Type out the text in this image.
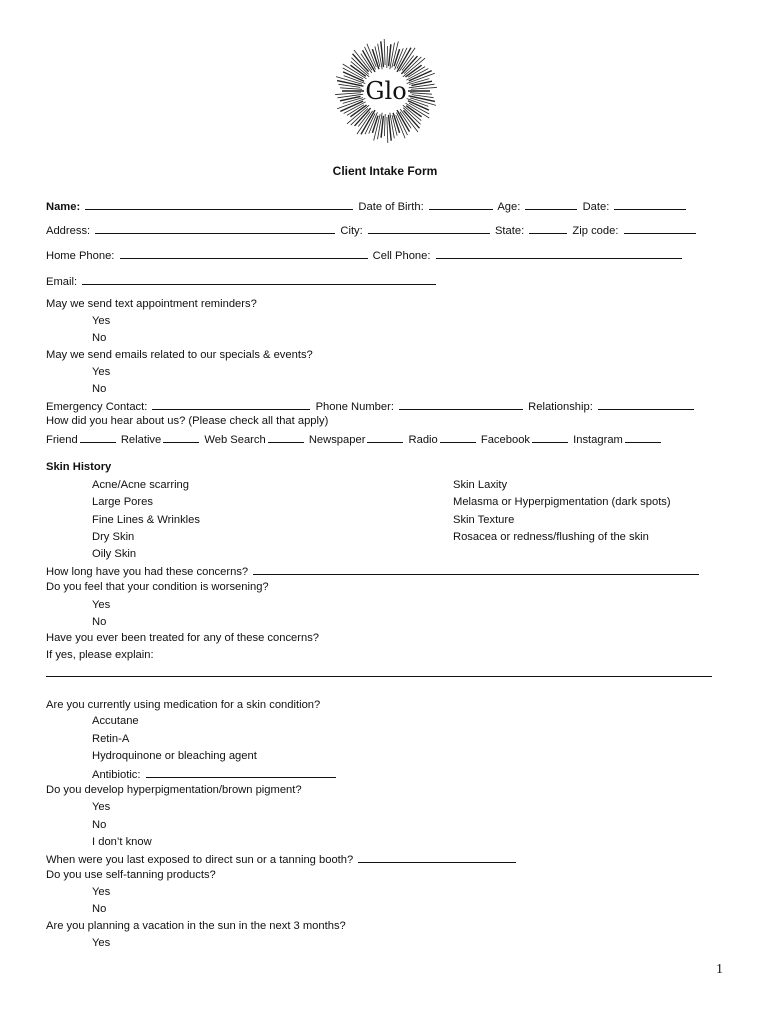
Glo
Client Intake Form
Name:	Date of Birth:	Age:	Date:
Address:	City:	State:	Zip code:
Home Phone:	Cell Phone:
Email:
May we send text appointment reminders?
Yes
No
May we send emails related to our specials & events?
Yes
No
Emergency Contact:	Phone Number:	Relationship:
How did you hear about us? (Please check all that apply)
Friend	Relative	Web Search	Newspaper	Radio	Facebook	Instagram
Skin History
Acne/Acne scarring
Large Pores
Fine Lines & Wrinkles
Dry Skin
Oily Skin
Skin Laxity
Melasma or Hyperpigmentation (dark spots)
Skin Texture
Rosacea or redness/flushing of the skin
How long have you had these concerns?
Do you feel that your condition is worsening?
Yes
No
Have you ever been treated for any of these concerns?
If yes, please explain:
Are you currently using medication for a skin condition?
Accutane
Retin-A
Hydroquinone or bleaching agent
Antibiotic:
Do you develop hyperpigmentation/brown pigment?
Yes
No
I don’t know
When were you last exposed to direct sun or a tanning booth?
Do you use self-tanning products?
Yes
No
Are you planning a vacation in the sun in the next 3 months?
Yes
1
